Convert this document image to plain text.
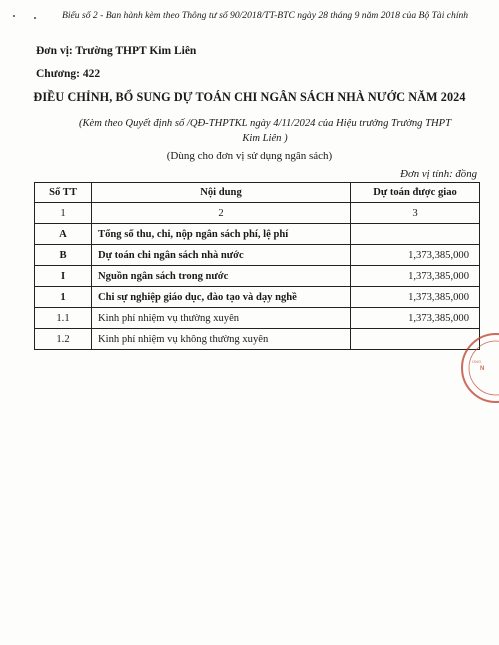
Biểu số 2 - Ban hành kèm theo Thông tư số 90/2018/TT-BTC ngày 28 tháng 9 năm 2018 của Bộ Tài chính
Đơn vị: Trường THPT Kim Liên
Chương: 422
ĐIỀU CHỈNH, BỔ SUNG DỰ TOÁN CHI NGÂN SÁCH NHÀ NƯỚC NĂM 2024
(Kèm theo Quyết định số /QĐ-THPTKL ngày 4/11/2024 của Hiệu trưởng Trường THPT Kim Liên )
(Dùng cho đơn vị sử dụng ngân sách)
Đơn vị tính: đồng
Số TT	Nội dung	Dự toán được giao
1	2	3
A	Tổng số thu, chi, nộp ngân sách phí, lệ phí	
B	Dự toán chi ngân sách nhà nước	1,373,385,000
I	Nguồn ngân sách trong nước	1,373,385,000
1	Chi sự nghiệp giáo dục, đào tạo và dạy nghề	1,373,385,000
1.1	Kinh phí nhiệm vụ thường xuyên	1,373,385,000
1.2	Kinh phí nhiệm vụ không thường xuyên	
N
ONG
